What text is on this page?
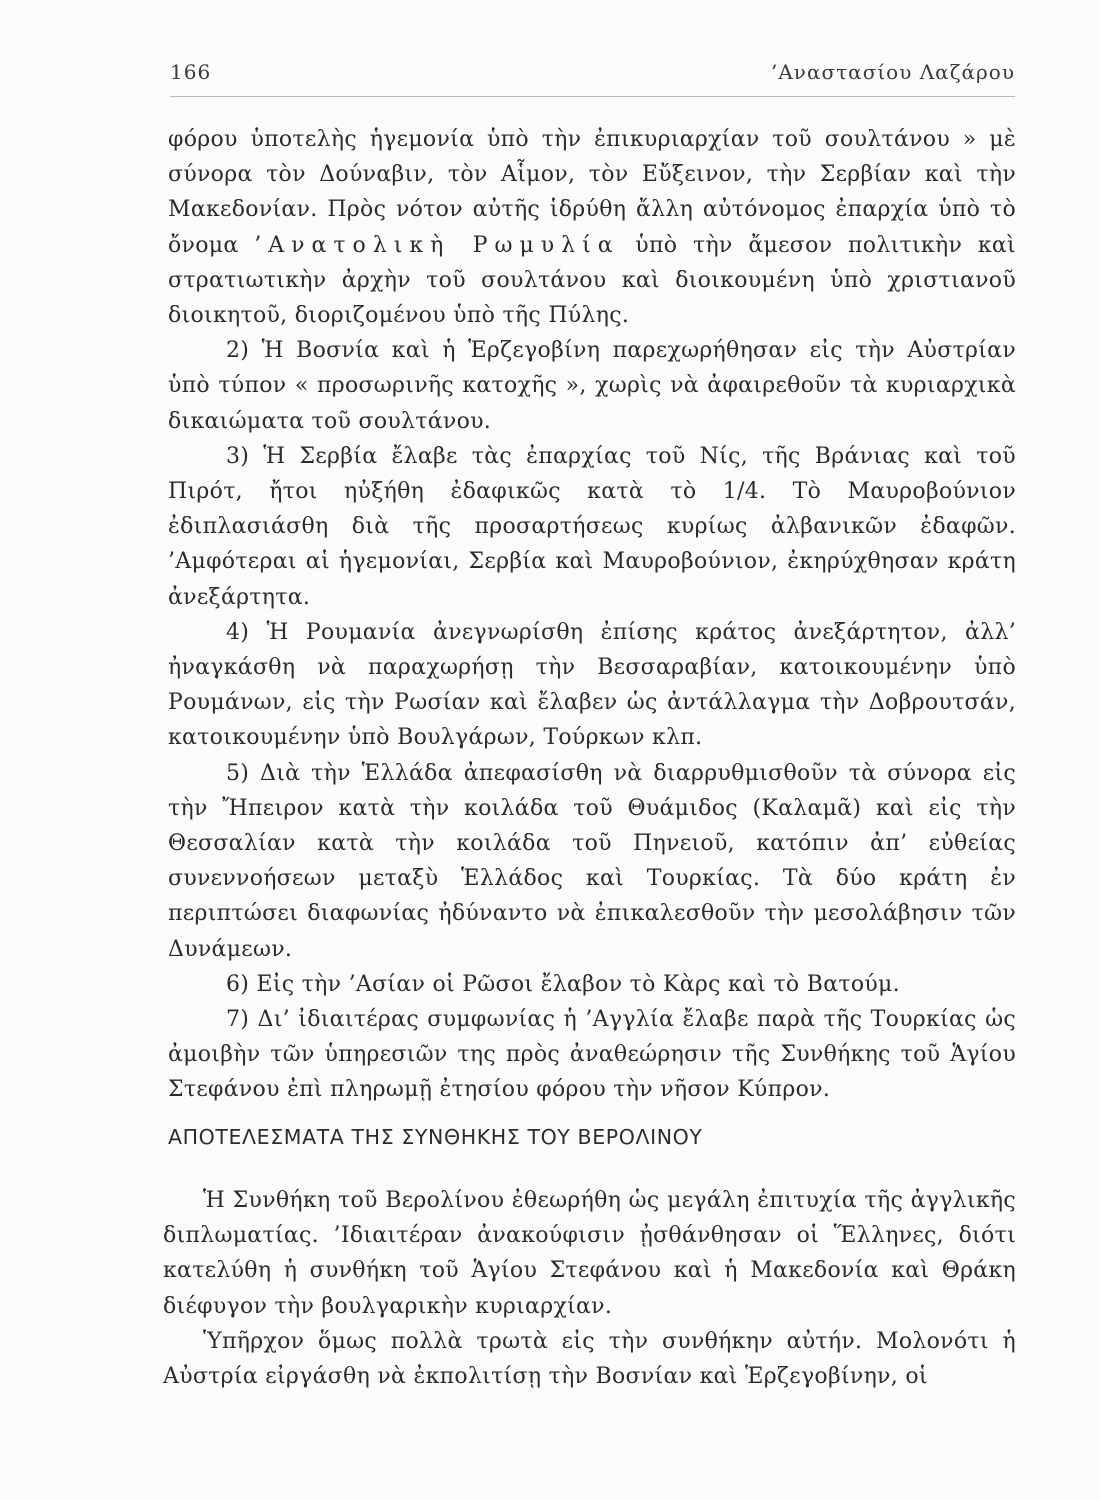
166	’Αναστασίου Λαζάρου

φόρου ὑποτελὴς ἡγεμονία ὑπὸ τὴν ἐπικυριαρχίαν τοῦ σουλτάνου » μὲ σύνορα τὸν Δούναβιν, τὸν Αἷμον, τὸν Εὔξεινον, τὴν Σερβίαν καὶ τὴν Μακεδονίαν. Πρὸς νότον αὐτῆς ἱδρύθη ἄλλη αὐτόνομος ἐπαρχία ὑπὸ τὸ ὄνομα ’Ανατολικὴ Ρωμυλία ὑπὸ τὴν ἄμεσον πολιτικὴν καὶ στρατιωτικὴν ἀρχὴν τοῦ σουλτάνου καὶ διοικουμένη ὑπὸ χριστιανοῦ διοικητοῦ, διοριζομένου ὑπὸ τῆς Πύλης.

2) Ἡ Βοσνία καὶ ἡ Ἑρζεγοβίνη παρεχωρήθησαν εἰς τὴν Αὐστρίαν ὑπὸ τύπον « προσωρινῆς κατοχῆς », χωρὶς νὰ ἀφαιρεθοῦν τὰ κυριαρχικὰ δικαιώματα τοῦ σουλτάνου.

3) Ἡ Σερβία ἔλαβε τὰς ἐπαρχίας τοῦ Νίς, τῆς Βράνιας καὶ τοῦ Πιρότ, ἤτοι ηὐξήθη ἐδαφικῶς κατὰ τὸ 1/4. Τὸ Μαυροβούνιον ἐδιπλασιάσθη διὰ τῆς προσαρτήσεως κυρίως ἀλβανικῶν ἐδαφῶν. ’Αμφότεραι αἱ ἡγεμονίαι, Σερβία καὶ Μαυροβούνιον, ἐκηρύχθησαν κράτη ἀνεξάρτητα.

4) Ἡ Ρουμανία ἀνεγνωρίσθη ἐπίσης κράτος ἀνεξάρτητον, ἀλλ’ ἠναγκάσθη νὰ παραχωρήσῃ τὴν Βεσσαραβίαν, κατοικουμένην ὑπὸ Ρουμάνων, εἰς τὴν Ρωσίαν καὶ ἔλαβεν ὡς ἀντάλλαγμα τὴν Δοβρουτσάν, κατοικουμένην ὑπὸ Βουλγάρων, Τούρκων κλπ.

5) Διὰ τὴν Ἑλλάδα ἀπεφασίσθη νὰ διαρρυθμισθοῦν τὰ σύνορα εἰς τὴν Ἤπειρον κατὰ τὴν κοιλάδα τοῦ Θυάμιδος (Καλαμᾶ) καὶ εἰς τὴν Θεσσαλίαν κατὰ τὴν κοιλάδα τοῦ Πηνειοῦ, κατόπιν ἀπ’ εὐθείας συνεννοήσεων μεταξὺ Ἑλλάδος καὶ Τουρκίας. Τὰ δύο κράτη ἐν περιπτώσει διαφωνίας ἠδύναντο νὰ ἐπικαλεσθοῦν τὴν μεσολάβησιν τῶν Δυνάμεων.

6) Εἰς τὴν ’Ασίαν οἱ Ρῶσοι ἔλαβον τὸ Κὰρς καὶ τὸ Βατούμ.

7) Δι’ ἰδιαιτέρας συμφωνίας ἡ ’Αγγλία ἔλαβε παρὰ τῆς Τουρκίας ὡς ἀμοιβὴν τῶν ὑπηρεσιῶν της πρὸς ἀναθεώρησιν τῆς Συνθήκης τοῦ Ἁγίου Στεφάνου ἐπὶ πληρωμῇ ἐτησίου φόρου τὴν νῆσον Κύπρον.

ΑΠΟΤΕΛΕΣΜΑΤΑ ΤΗΣ ΣΥΝΘΗΚΗΣ ΤΟΥ ΒΕΡΟΛΙΝΟΥ

Ἡ Συνθήκη τοῦ Βερολίνου ἐθεωρήθη ὡς μεγάλη ἐπιτυχία τῆς ἀγγλικῆς διπλωματίας. ’Ιδιαιτέραν ἀνακούφισιν ᾐσθάνθησαν οἱ Ἕλληνες, διότι κατελύθη ἡ συνθήκη τοῦ Ἁγίου Στεφάνου καὶ ἡ Μακεδονία καὶ Θράκη διέφυγον τὴν βουλγαρικὴν κυριαρχίαν.

Ὑπῆρχον ὅμως πολλὰ τρωτὰ εἰς τὴν συνθήκην αὐτήν. Μολονότι ἡ Αὐστρία εἰργάσθη νὰ ἐκπολιτίσῃ τὴν Βοσνίαν καὶ Ἑρζεγοβίνην, οἱ
